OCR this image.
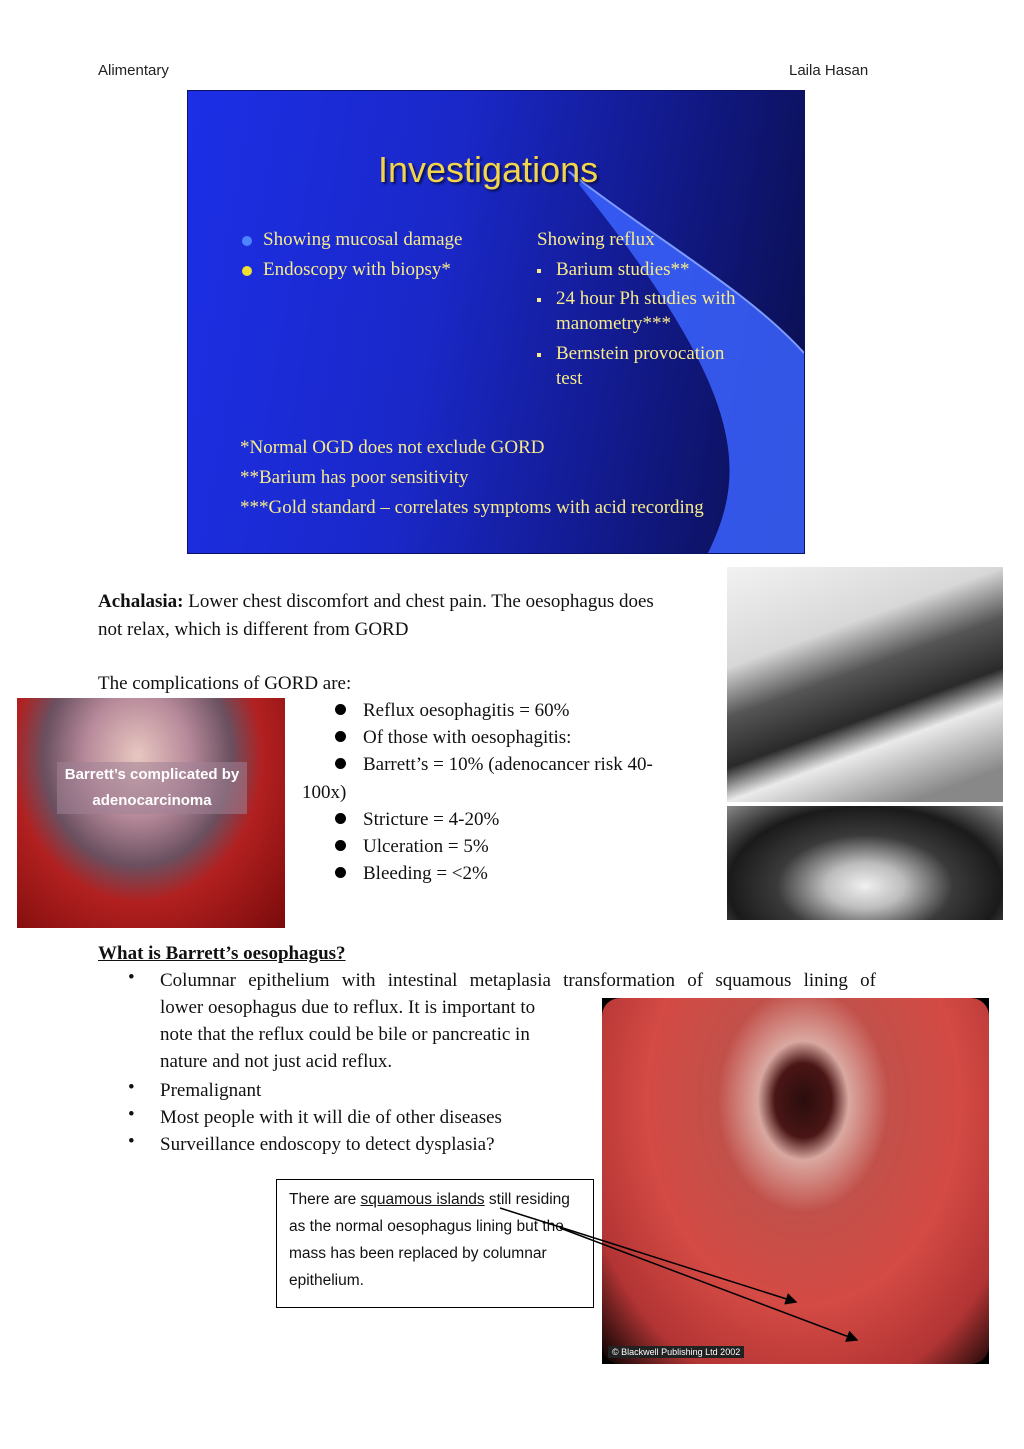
Alimentary	Laila Hasan
Investigations
Showing mucosal damage
Endoscopy with biopsy*
Showing reflux
Barium studies**
24 hour Ph studies with
manometry***
Bernstein provocation
test
*Normal OGD does not exclude GORD
**Barium has poor sensitivity
***Gold standard – correlates symptoms with acid recording
Achalasia: Lower chest discomfort and chest pain. The oesophagus does
not relax, which is different from GORD
The complications of GORD are:
Reflux oesophagitis = 60%
Of those with oesophagitis:
Barrett’s = 10% (adenocancer risk 40-
100x)
Stricture = 4-20%
Ulceration = 5%
Bleeding = <2%
Barrett’s complicated by adenocarcinoma
What is Barrett’s oesophagus?
• Columnar epithelium with intestinal metaplasia transformation of squamous lining of
lower oesophagus due to reflux. It is important to
note that the reflux could be bile or pancreatic in
nature and not just acid reflux.
• Premalignant
• Most people with it will die of other diseases
• Surveillance endoscopy to detect dysplasia?
© Blackwell Publishing Ltd 2002
There are squamous islands still residing as the normal oesophagus lining but the mass has been replaced by columnar epithelium.
